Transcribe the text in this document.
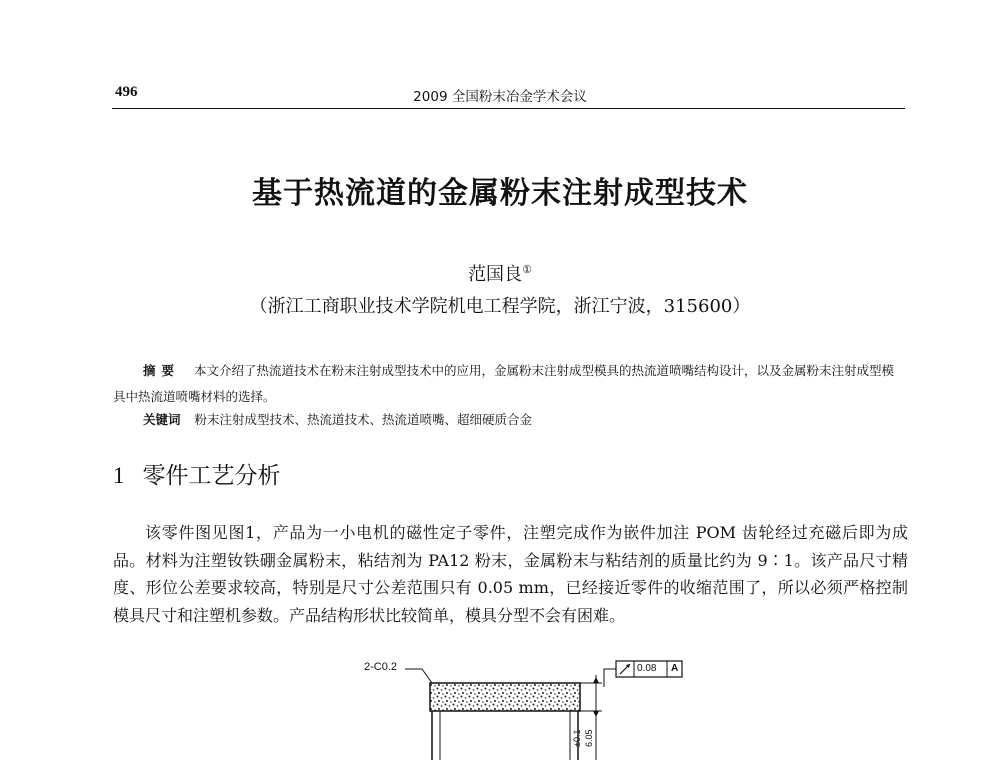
496	2009 全国粉末冶金学术会议
基于热流道的金属粉末注射成型技术
范国良①
（浙江工商职业技术学院机电工程学院，浙江宁波，315600）
摘要 本文介绍了热流道技术在粉末注射成型技术中的应用，金属粉末注射成型模具的热流道喷嘴结构设计，以及金属粉末注射成型模具中热流道喷嘴材料的选择。
关键词 粉末注射成型技术、热流道技术、热流道喷嘴、超细硬质合金
1 零件工艺分析
该零件图见图1，产品为一小电机的磁性定子零件，注塑完成作为嵌件加注 POM 齿轮经过充磁后即为成品。材料为注塑钕铁硼金属粉末，粘结剂为 PA12 粉末，金属粉末与粘结剂的质量比约为 9∶1。该产品尺寸精度、形位公差要求较高，特别是尺寸公差范围只有 0.05 mm，已经接近零件的收缩范围了，所以必须严格控制模具尺寸和注塑机参数。产品结构形状比较简单，模具分型不会有困难。
2-C0.2	0.08 A
±0.1 6.05
